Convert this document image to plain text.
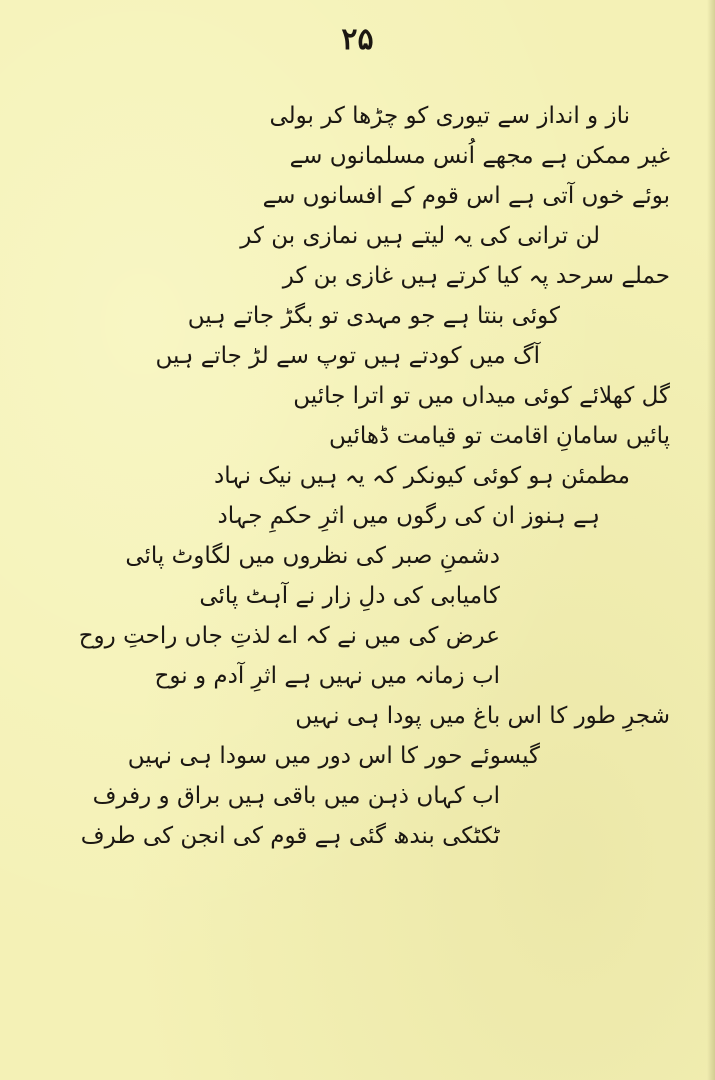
۲۵
ناز و انداز سے تیوری کو چڑھا کر بولی
غیر ممکن ہے مجھے اُنس مسلمانوں سے
بوئے خوں آتی ہے اس قوم کے افسانوں سے
لن ترانی کی یہ لیتے ہیں نمازی بن کر
حملے سرحد پہ کیا کرتے ہیں غازی بن کر
کوئی بنتا ہے جو مہدی تو بگڑ جاتے ہیں
آگ میں کودتے ہیں توپ سے لڑ جاتے ہیں
گل کھلائے کوئی میداں میں تو اترا جائیں
پائیں سامانِ اقامت تو قیامت ڈھائیں
مطمئن ہو کوئی کیونکر کہ یہ ہیں نیک نہاد
ہے ہنوز ان کی رگوں میں اثرِ حکمِ جہاد
دشمنِ صبر کی نظروں میں لگاوٹ پائی
کامیابی کی دلِ زار نے آہٹ پائی
عرض کی میں نے کہ اے لذتِ جاں راحتِ روح
اب زمانہ میں نہیں ہے اثرِ آدم و نوح
شجرِ طور کا اس باغ میں پودا ہی نہیں
گیسوئے حور کا اس دور میں سودا ہی نہیں
اب کہاں ذہن میں باقی ہیں براق و رفرف
ٹکٹکی بندھ گئی ہے قوم کی انجن کی طرف
